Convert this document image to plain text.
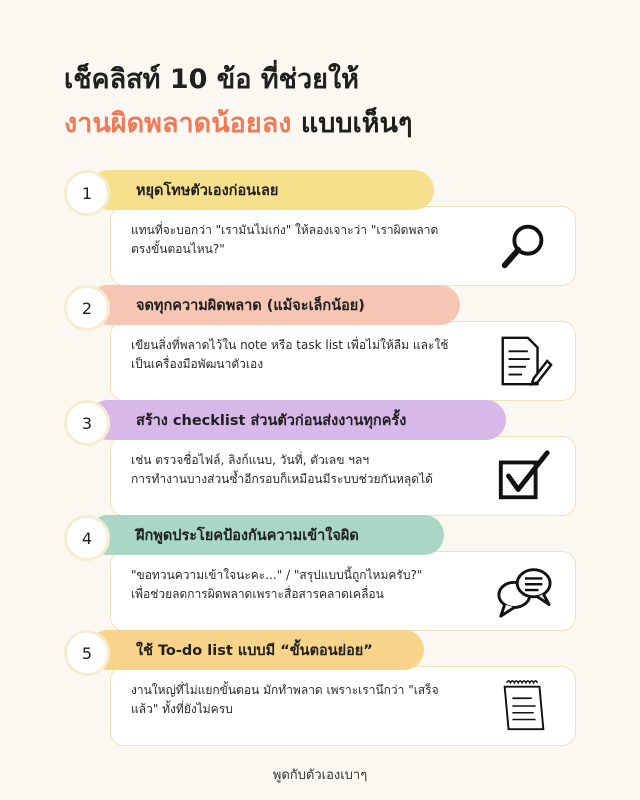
เช็คลิสท์ 10 ข้อ ที่ช่วยให้
งานผิดพลาดน้อยลง แบบเห็นๆ
แทนที่จะบอกว่า "เรามันไม่เก่ง" ให้ลองเจาะว่า "เราผิดพลาด
ตรงขั้นตอนไหน?"
หยุดโทษตัวเองก่อนเลย
1
เขียนสิ่งที่พลาดไว้ใน note หรือ task list เพื่อไม่ให้ลืม และใช้
เป็นเครื่องมือพัฒนาตัวเอง
จดทุกความผิดพลาด (แม้จะเล็กน้อย)
2
เช่น ตรวจชื่อไฟล์, ลิงก์แนบ, วันที่, ตัวเลข ฯลฯ
การทำงานบางส่วนซ้ำอีกรอบก็เหมือนมีระบบช่วยกันหลุดได้
สร้าง checklist ส่วนตัวก่อนส่งงานทุกครั้ง
3
"ขอทวนความเข้าใจนะคะ..." / "สรุปแบบนี้ถูกไหมครับ?"
เพื่อช่วยลดการผิดพลาดเพราะสื่อสารคลาดเคลื่อน
ฝึกพูดประโยคป้องกันความเข้าใจผิด
4
งานใหญ่ที่ไม่แยกขั้นตอน มักทำพลาด เพราะเรานึกว่า "เสร็จ
แล้ว" ทั้งที่ยังไม่ครบ
ใช้ To-do list แบบมี “ขั้นตอนย่อย”
5
พูดกับตัวเองเบาๆ
